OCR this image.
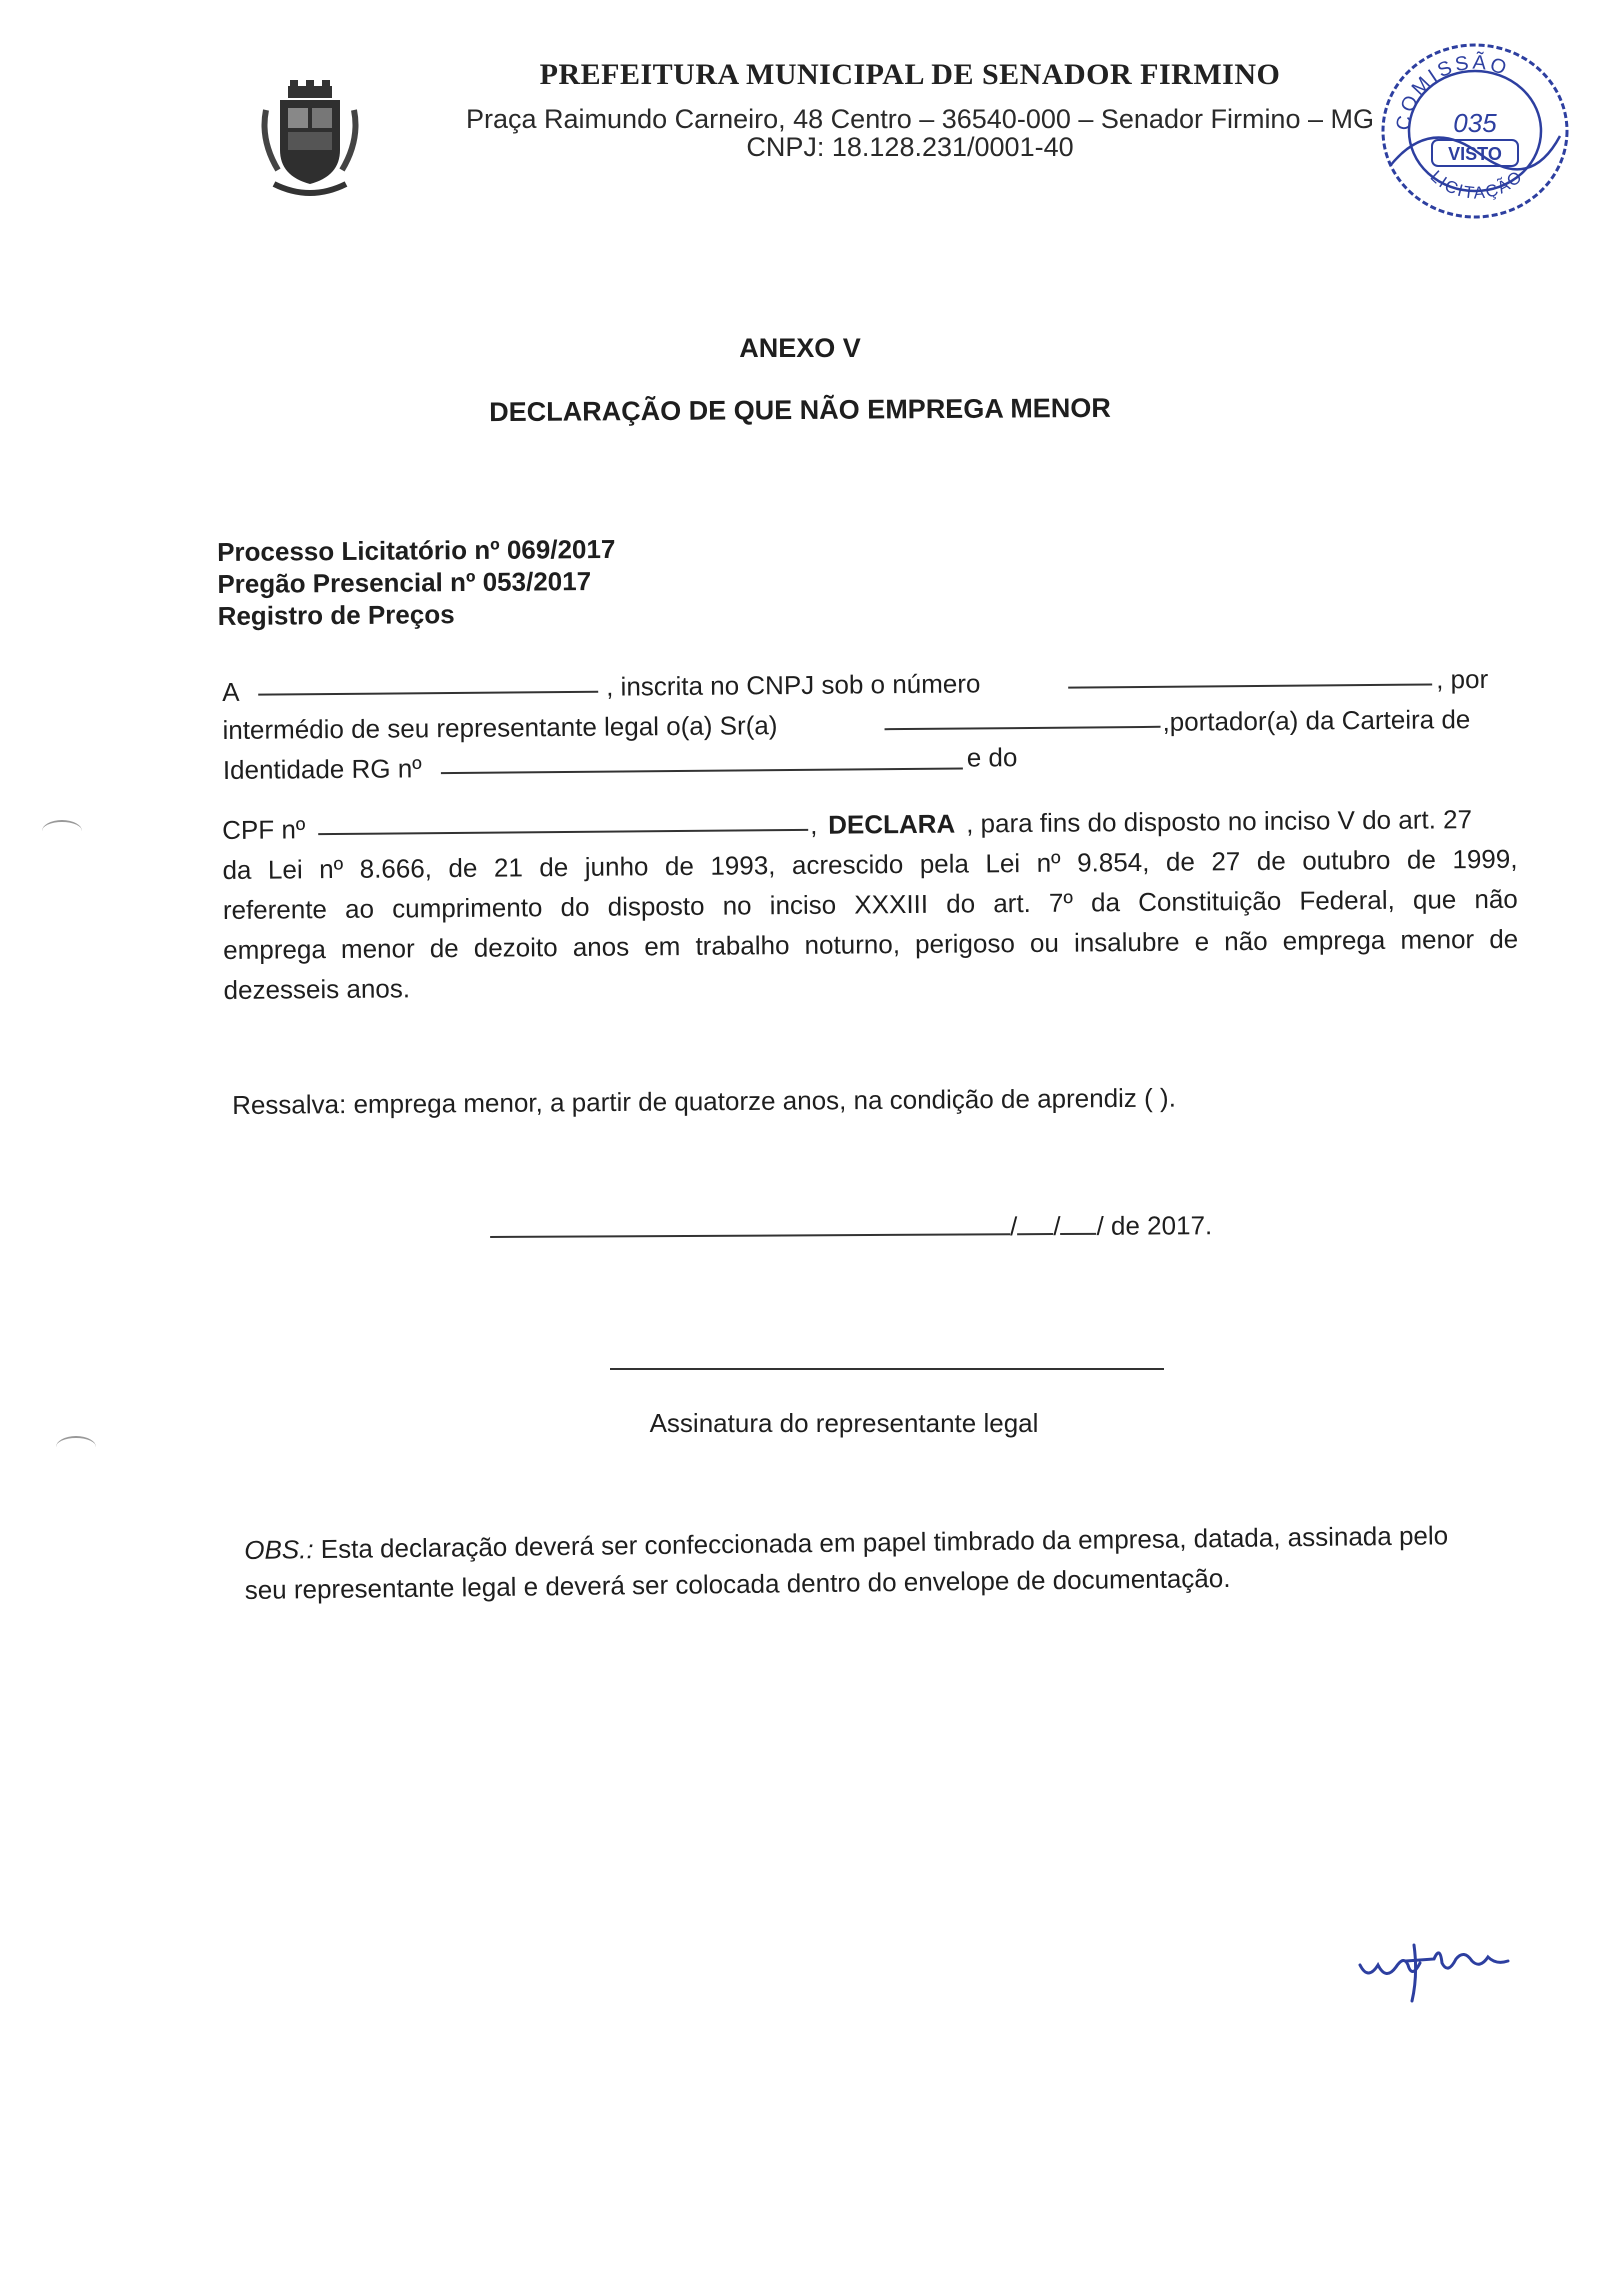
PREFEITURA MUNICIPAL DE SENADOR FIRMINO
Praça Raimundo Carneiro, 48 Centro – 36540-000 – Senador Firmino – MG
CNPJ: 18.128.231/0001-40
COMISSÃO
035
VISTO
LICITAÇÃO
ANEXO V
DECLARAÇÃO DE QUE NÃO EMPREGA MENOR
Processo Licitatório nº 069/2017
Pregão Presencial nº 053/2017
Registro de Preços
A	, inscrita no CNPJ sob o número	, por
intermédio de seu representante legal o(a) Sr(a)	,portador(a) da Carteira de
Identidade RG nº	e do
CPF nº	, DECLARA , para fins do disposto no inciso V do art. 27
da Lei nº 8.666, de 21 de junho de 1993, acrescido pela Lei nº 9.854, de 27 de outubro de 1999,
referente ao cumprimento do disposto no inciso XXXIII do art. 7º da Constituição Federal, que não
emprega menor de dezoito anos em trabalho noturno, perigoso ou insalubre e não emprega menor de
dezesseis anos.
Ressalva: emprega menor, a partir de quatorze anos, na condição de aprendiz ( ).
/ / / de 2017.
Assinatura do representante legal
OBS.: Esta declaração deverá ser confeccionada em papel timbrado da empresa, datada, assinada pelo
seu representante legal e deverá ser colocada dentro do envelope de documentação.
